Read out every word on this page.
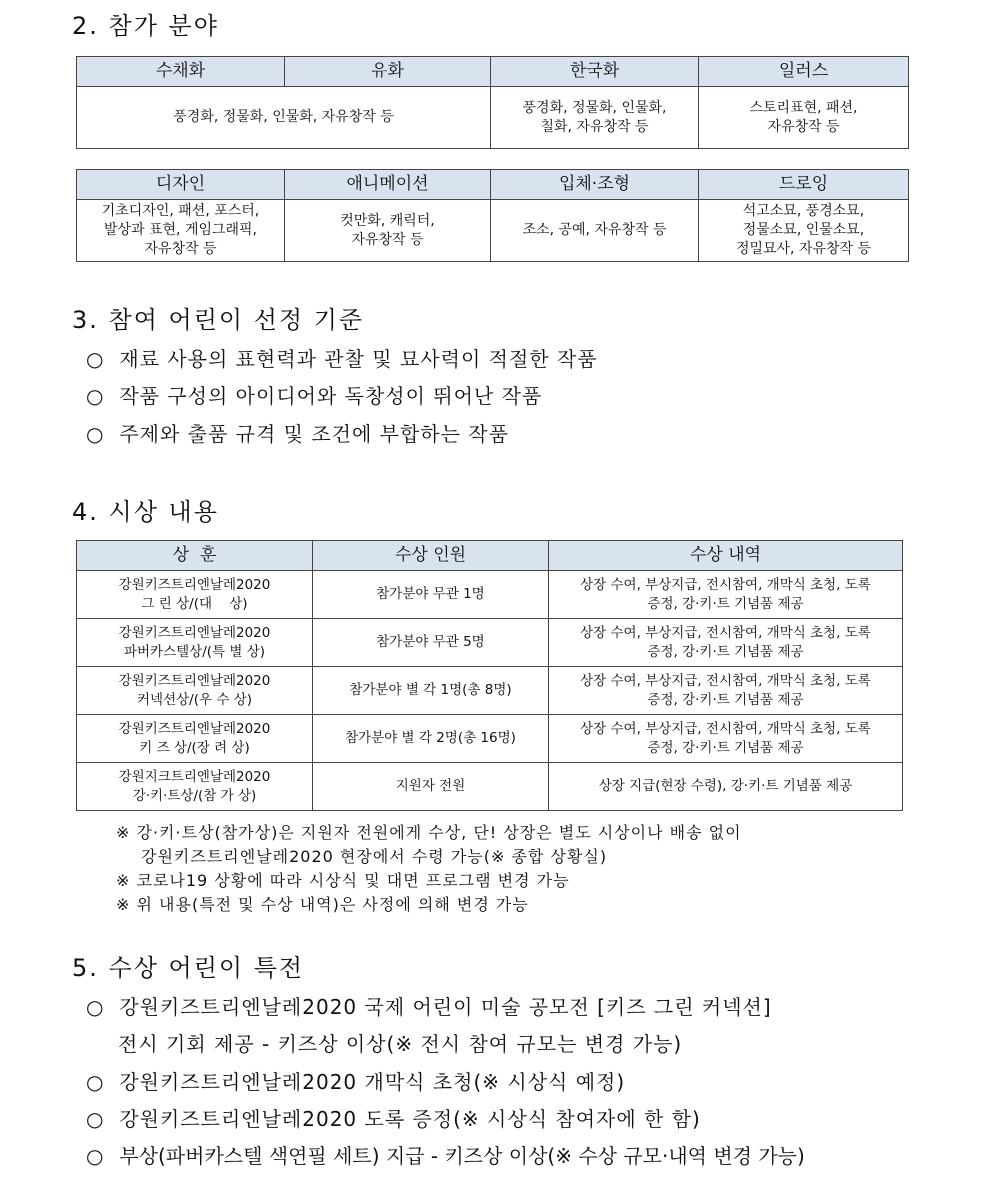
2. 참가 분야
수채화	유화	한국화	일러스
풍경화, 정물화, 인물화, 자유창작 등		풍경화, 정물화, 인물화,
칠화, 자유창작 등	스토리표현, 패션,
자유창작 등
디자인	애니메이션	입체·조형	드로잉

기초디자인, 패션, 포스터,
발상과 표현, 게임그래픽,
자유창작 등	컷만화, 캐릭터,
자유창작 등	조소, 공예, 자유창작 등	석고소묘, 풍경소묘,
정물소묘, 인물소묘,
정밀묘사, 자유창작 등
3. 참여 어린이 선정 기준
○ 재료 사용의 표현력과 관찰 및 묘사력이 적절한 작품
○ 작품 구성의 아이디어와 독창성이 뛰어난 작품
○ 주제와 출품 규격 및 조건에 부합하는 작품
4. 시상 내용
상  훈	수상 인원	수상 내역

강원키즈트리엔날레2020
그 린 상/(대    상)	참가분야 무관 1명	상장 수여, 부상지급, 전시참여, 개막식 초청, 도록
증정, 강·키·트 기념품 제공

강원키즈트리엔날레2020
파버카스텔상/(특 별 상)	참가분야 무관 5명	상장 수여, 부상지급, 전시참여, 개막식 초청, 도록
증정, 강·키·트 기념품 제공

강원키즈트리엔날레2020
커넥션상/(우 수 상)	참가분야 별 각 1명(총 8명)	상장 수여, 부상지급, 전시참여, 개막식 초청, 도록
증정, 강·키·트 기념품 제공

강원키즈트리엔날레2020
키 즈 상/(장 려 상)	참가분야 별 각 2명(총 16명)	상장 수여, 부상지급, 전시참여, 개막식 초청, 도록
증정, 강·키·트 기념품 제공

강원지크트리엔날레2020
강·키·트상/(참 가 상)	지원자 전원	상장 지급(현장 수령), 강·키·트 기념품 제공
※ 강·키·트상(참가상)은 지원자 전원에게 수상, 단! 상장은 별도 시상이나 배송 없이
강원키즈트리엔날레2020 현장에서 수령 가능(※ 종합 상황실)
※ 코로나19 상황에 따라 시상식 및 대면 프로그램 변경 가능
※ 위 내용(특전 및 수상 내역)은 사정에 의해 변경 가능
5. 수상 어린이 특전
○ 강원키즈트리엔날레2020 국제 어린이 미술 공모전 [키즈 그린 커넥션]
전시 기회 제공 - 키즈상 이상(※ 전시 참여 규모는 변경 가능)
○ 강원키즈트리엔날레2020 개막식 초청(※ 시상식 예정)
○ 강원키즈트리엔날레2020 도록 증정(※ 시상식 참여자에 한 함)
○ 부상(파버카스텔 색연필 세트) 지급 - 키즈상 이상(※ 수상 규모·내역 변경 가능)
